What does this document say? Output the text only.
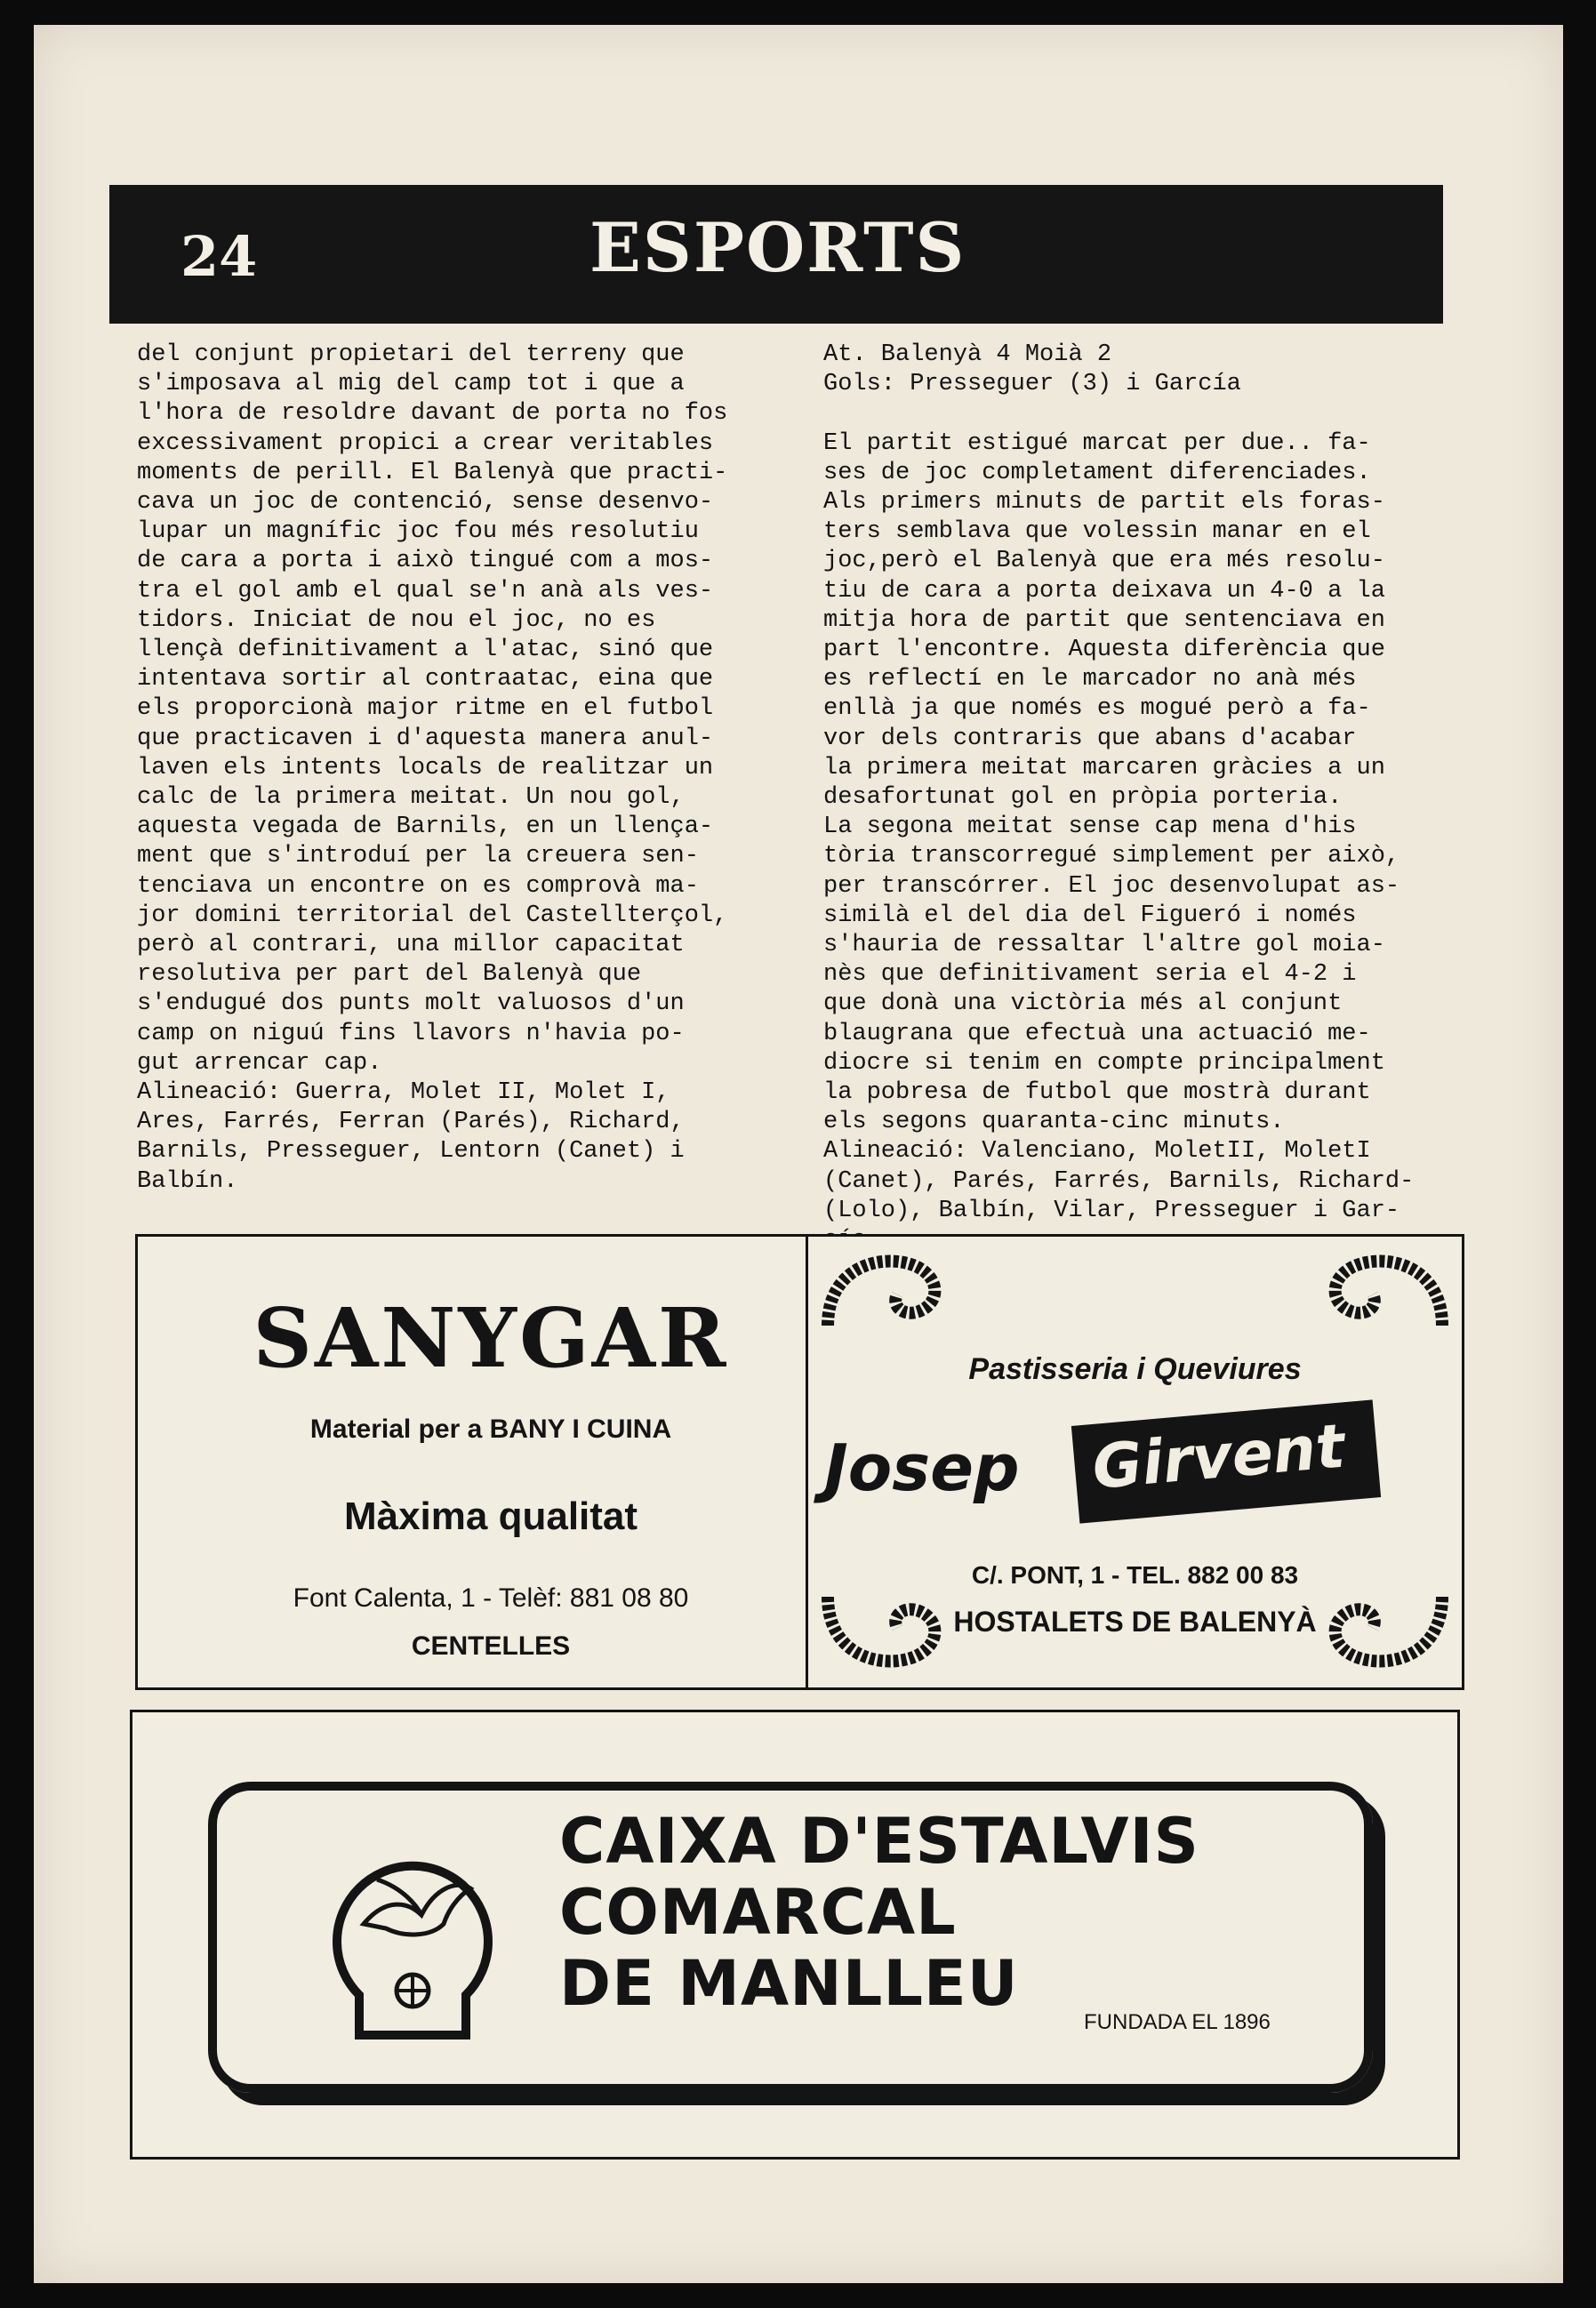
24	ESPORTS
del conjunt propietari del terreny que
s'imposava al mig del camp tot i que a
l'hora de resoldre davant de porta no fos
excessivament propici a crear veritables
moments de perill. El Balenyà que practi-
cava un joc de contenció, sense desenvo-
lupar un magnífic joc fou més resolutiu
de cara a porta i això tingué com a mos-
tra el gol amb el qual se'n anà als ves-
tidors. Iniciat de nou el joc, no es
llençà definitivament a l'atac, sinó que
intentava sortir al contraatac, eina que
els proporcionà major ritme en el futbol
que practicaven i d'aquesta manera anul-
laven els intents locals de realitzar un
calc de la primera meitat. Un nou gol,
aquesta vegada de Barnils, en un llença-
ment que s'introduí per la creuera sen-
tenciava un encontre on es comprovà ma-
jor domini territorial del Castellterçol,
però al contrari, una millor capacitat
resolutiva per part del Balenyà que
s'endugué dos punts molt valuosos d'un
camp on niguú fins llavors n'havia po-
gut arrencar cap.
Alineació: Guerra, Molet II, Molet I,
Ares, Farrés, Ferran (Parés), Richard,
Barnils, Presseguer, Lentorn (Canet) i
Balbín.
At. Balenyà 4 Moià 2
Gols: Presseguer (3) i García

El partit estigué marcat per due.. fa-
ses de joc completament diferenciades.
Als primers minuts de partit els foras-
ters semblava que volessin manar en el
joc,però el Balenyà que era més resolu-
tiu de cara a porta deixava un 4-0 a la
mitja hora de partit que sentenciava en
part l'encontre. Aquesta diferència que
es reflectí en le marcador no anà més
enllà ja que només es mogué però a fa-
vor dels contraris que abans d'acabar
la primera meitat marcaren gràcies a un
desafortunat gol en pròpia porteria.
La segona meitat sense cap mena d'his
tòria transcorregué simplement per això,
per transcórrer. El joc desenvolupat as-
similà el del dia del Figueró i només
s'hauria de ressaltar l'altre gol moia-
nès que definitivament seria el 4-2 i
que donà una victòria més al conjunt
blaugrana que efectuà una actuació me-
diocre si tenim en compte principalment
la pobresa de futbol que mostrà durant
els segons quaranta-cinc minuts.
Alineació: Valenciano, MoletII, MoletI
(Canet), Parés, Farrés, Barnils, Richard-
(Lolo), Balbín, Vilar, Presseguer i Gar-

SANYGAR
Material per a BANY I CUINA
Màxima qualitat
Font Calenta, 1 - Telèf: 881 08 80
CENTELLES
Pastisseria i Queviures
Josep Girvent
C/. PONT, 1 - TEL. 882 00 83
HOSTALETS DE BALENYÀ
CAIXA D'ESTALVIS
COMARCAL
DE MANLLEU
FUNDADA EL 1896
